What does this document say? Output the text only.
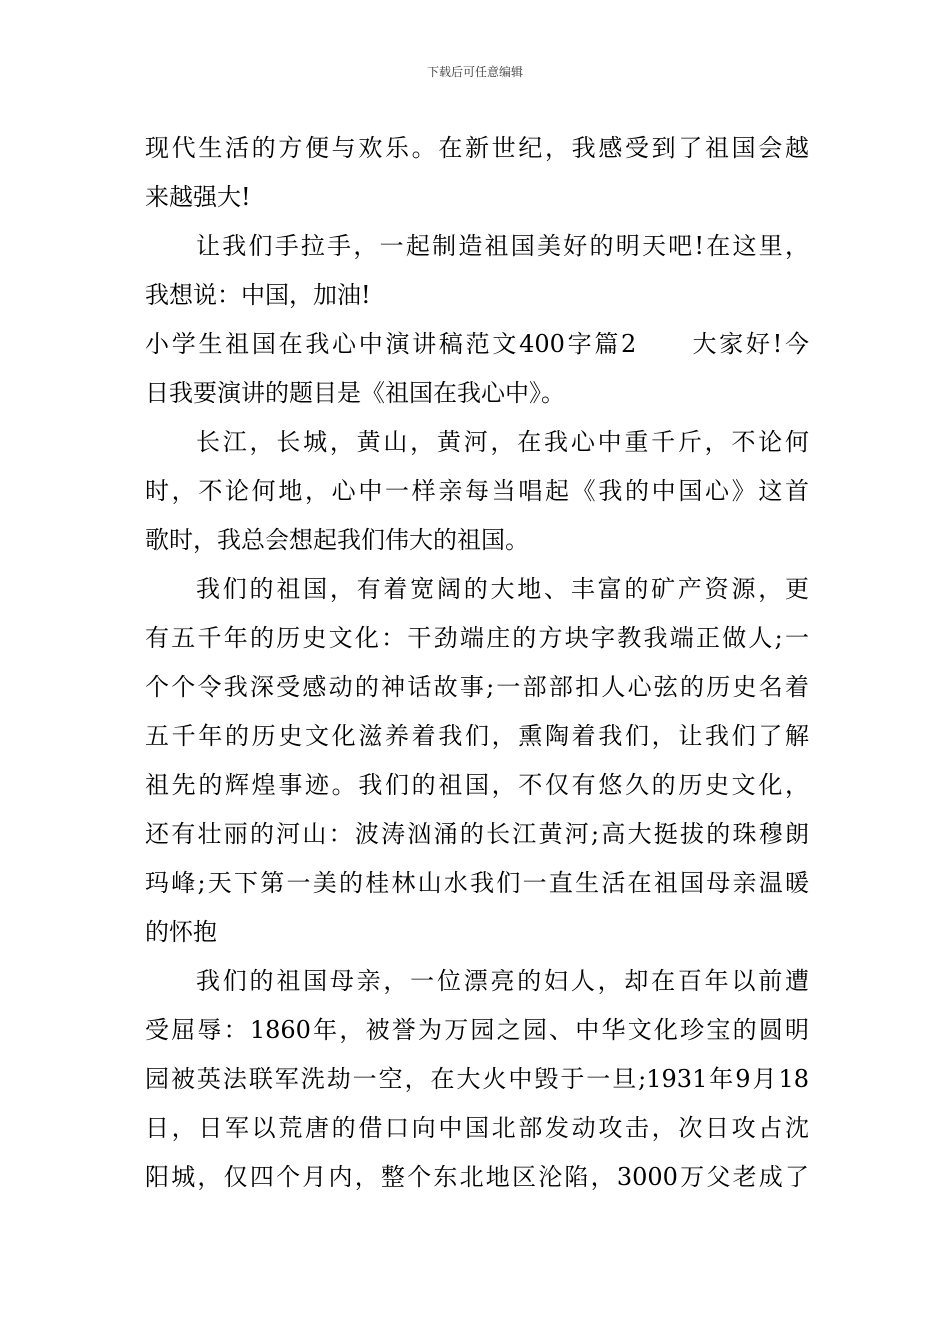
下载后可任意编辑
现代生活的方便与欢乐。在新世纪，我感受到了祖国会越
来越强大!
让我们手拉手，一起制造祖国美好的明天吧!在这里，
我想说：中国，加油!
小学生祖国在我心中演讲稿范文400字篇2　　大家好!今
日我要演讲的题目是《祖国在我心中》。
长江，长城，黄山，黄河，在我心中重千斤，不论何
时，不论何地，心中一样亲每当唱起《我的中国心》这首
歌时，我总会想起我们伟大的祖国。
我们的祖国，有着宽阔的大地、丰富的矿产资源，更
有五千年的历史文化：干劲端庄的方块字教我端正做人;一
个个令我深受感动的神话故事;一部部扣人心弦的历史名着
五千年的历史文化滋养着我们，熏陶着我们，让我们了解
祖先的辉煌事迹。我们的祖国，不仅有悠久的历史文化，
还有壮丽的河山：波涛汹涌的长江黄河;高大挺拔的珠穆朗
玛峰;天下第一美的桂林山水我们一直生活在祖国母亲温暖
的怀抱
我们的祖国母亲，一位漂亮的妇人，却在百年以前遭
受屈辱：1860年，被誉为万园之园、中华文化珍宝的圆明
园被英法联军洗劫一空，在大火中毁于一旦;1931年9月18
日，日军以荒唐的借口向中国北部发动攻击，次日攻占沈
阳城，仅四个月内，整个东北地区沦陷，3000万父老成了
